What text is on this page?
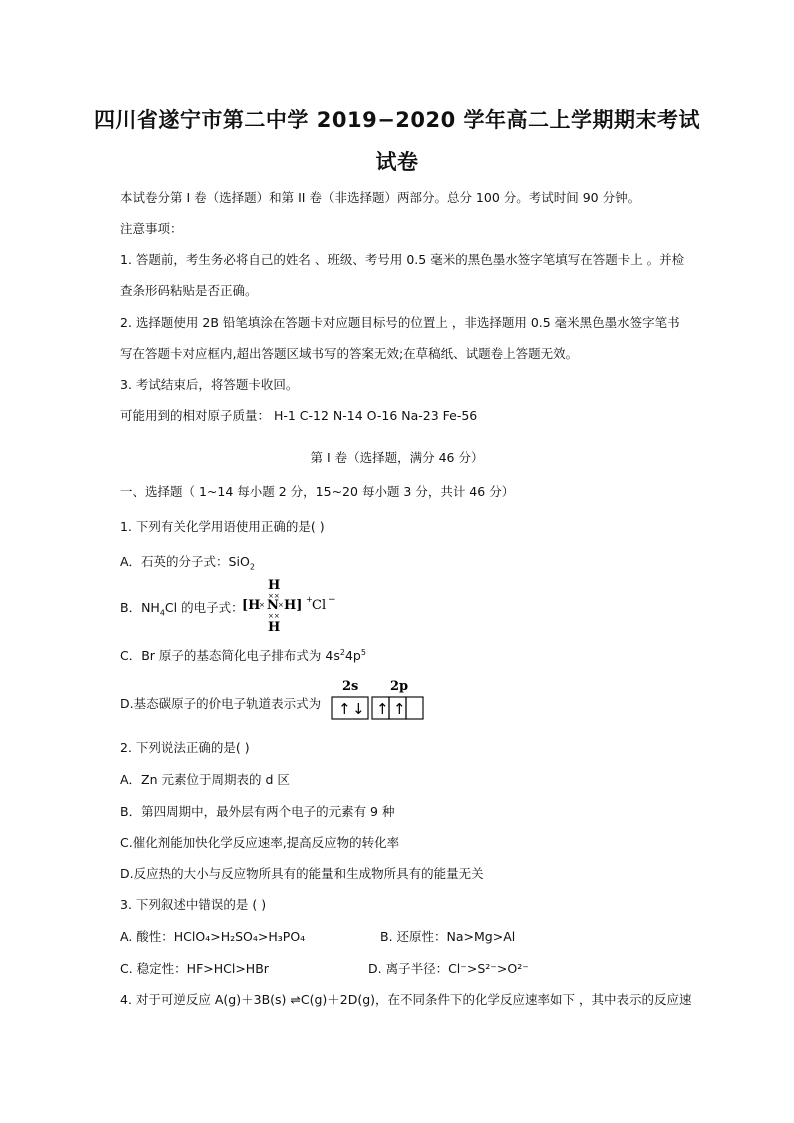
四川省遂宁市第二中学 2019−2020 学年高二上学期期末考试
试卷
本试卷分第 I 卷（选择题）和第 II 卷（非选择题）两部分。总分 100 分。考试时间 90 分钟。
注意事项：
1. 答题前，考生务必将自己的姓名 、班级、考号用 0.5 毫米的黑色墨水签字笔填写在答题卡上 。并检
查条形码粘贴是否正确。
2. 选择题使用 2B 铅笔填涂在答题卡对应题目标号的位置上 ，非选择题用 0.5 毫米黑色墨水签字笔书
写在答题卡对应框内,超出答题区域书写的答案无效;在草稿纸、试题卷上答题无效。
3. 考试结束后，将答题卡收回。
可能用到的相对原子质量： H-1 C-12 N-14 O-16 Na-23 Fe-56
第 I 卷（选择题，满分 46 分）
一、选择题（ 1~14 每小题 2 分，15~20 每小题 3 分，共计 46 分）
1. 下列有关化学用语使用正确的是( )
A．石英的分子式：SiO$_2$
B．$NH_4Cl$ 的电子式：
H
××
[H
× N × H] + Cl −
××
H
C．Br 原子的基态简化电子排布式为 $4s^24p^5$
D.基态碳原子的价电子轨道表示式为
2s 2p
↑ ↓ ↑ ↑
2. 下列说法正确的是( )
A．Zn 元素位于周期表的 d 区
B．第四周期中，最外层有两个电子的元素有 9 种
C.催化剂能加快化学反应速率,提高反应物的转化率
D.反应热的大小与反应物所具有的能量和生成物所具有的能量无关
3. 下列叙述中错误的是 ( )
A. 酸性：HClO₄>H₂SO₄>H₃PO₄	B. 还原性：Na>Mg>Al
C. 稳定性：HF>HCl>HBr	D. 离子半径：Cl⁻>S²⁻>O²⁻
4. 对于可逆反应 A(g)＋3B(s) ⇌C(g)＋2D(g)，在不同条件下的化学反应速率如下 ，其中表示的反应速
